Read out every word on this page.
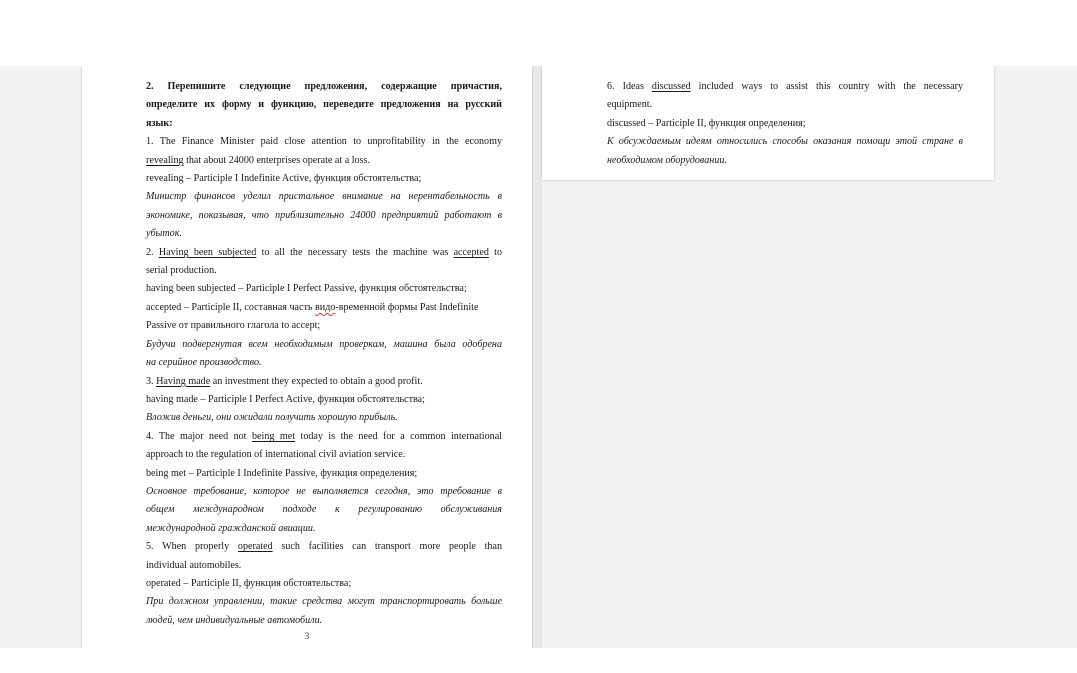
2. Перепишите следующие предложения, содержащие причастия,
определите их форму и функцию, переведите предложения на русский
язык:
1. The Finance Minister paid close attention to unprofitability in the economy
revealing that about 24000 enterprises operate at a loss.
revealing – Participle I Indefinite Active, функция обстоятельства;
Министр финансов уделил пристальное внимание на нерентабельность в
экономике, показывая, что приблизительно 24000 предприятий работают в
убыток.
2. Having been subjected to all the necessary tests the machine was accepted to
serial production.
having been subjected – Participle I Perfect Passive, функция обстоятельства;
accepted – Participle II, составная часть видо-временной формы Past Indefinite
Passive от правильного глагола to accept;
Будучи подвергнутая всем необходимым проверкам, машина была одобрена
на серийное производство.
3. Having made an investment they expected to obtain a good profit.
having made – Participle I Perfect Active, функция обстоятельства;
Вложив деньги, они ожидали получить хорошую прибыль.
4. The major need not being met today is the need for a common international
approach to the regulation of international civil aviation service.
being met – Participle I Indefinite Passive, функция определения;
Основное требование, которое не выполняется сегодня, это требование в
общем международном подходе к регулированию обслуживания
международной гражданской авиации.
5. When properly operated such facilities can transport more people than
individual automobiles.
operated – Participle II, функция обстоятельства;
При должном управлении, такие средства могут транспортировать больше
людей, чем индивидуальные автомобили.
3
6. Ideas discussed included ways to assist this country with the necessary
equipment.
discussed – Participle II, функция определения;
К обсуждаемым идеям относились способы оказания помощи этой стране в
необходимом оборудовании.
